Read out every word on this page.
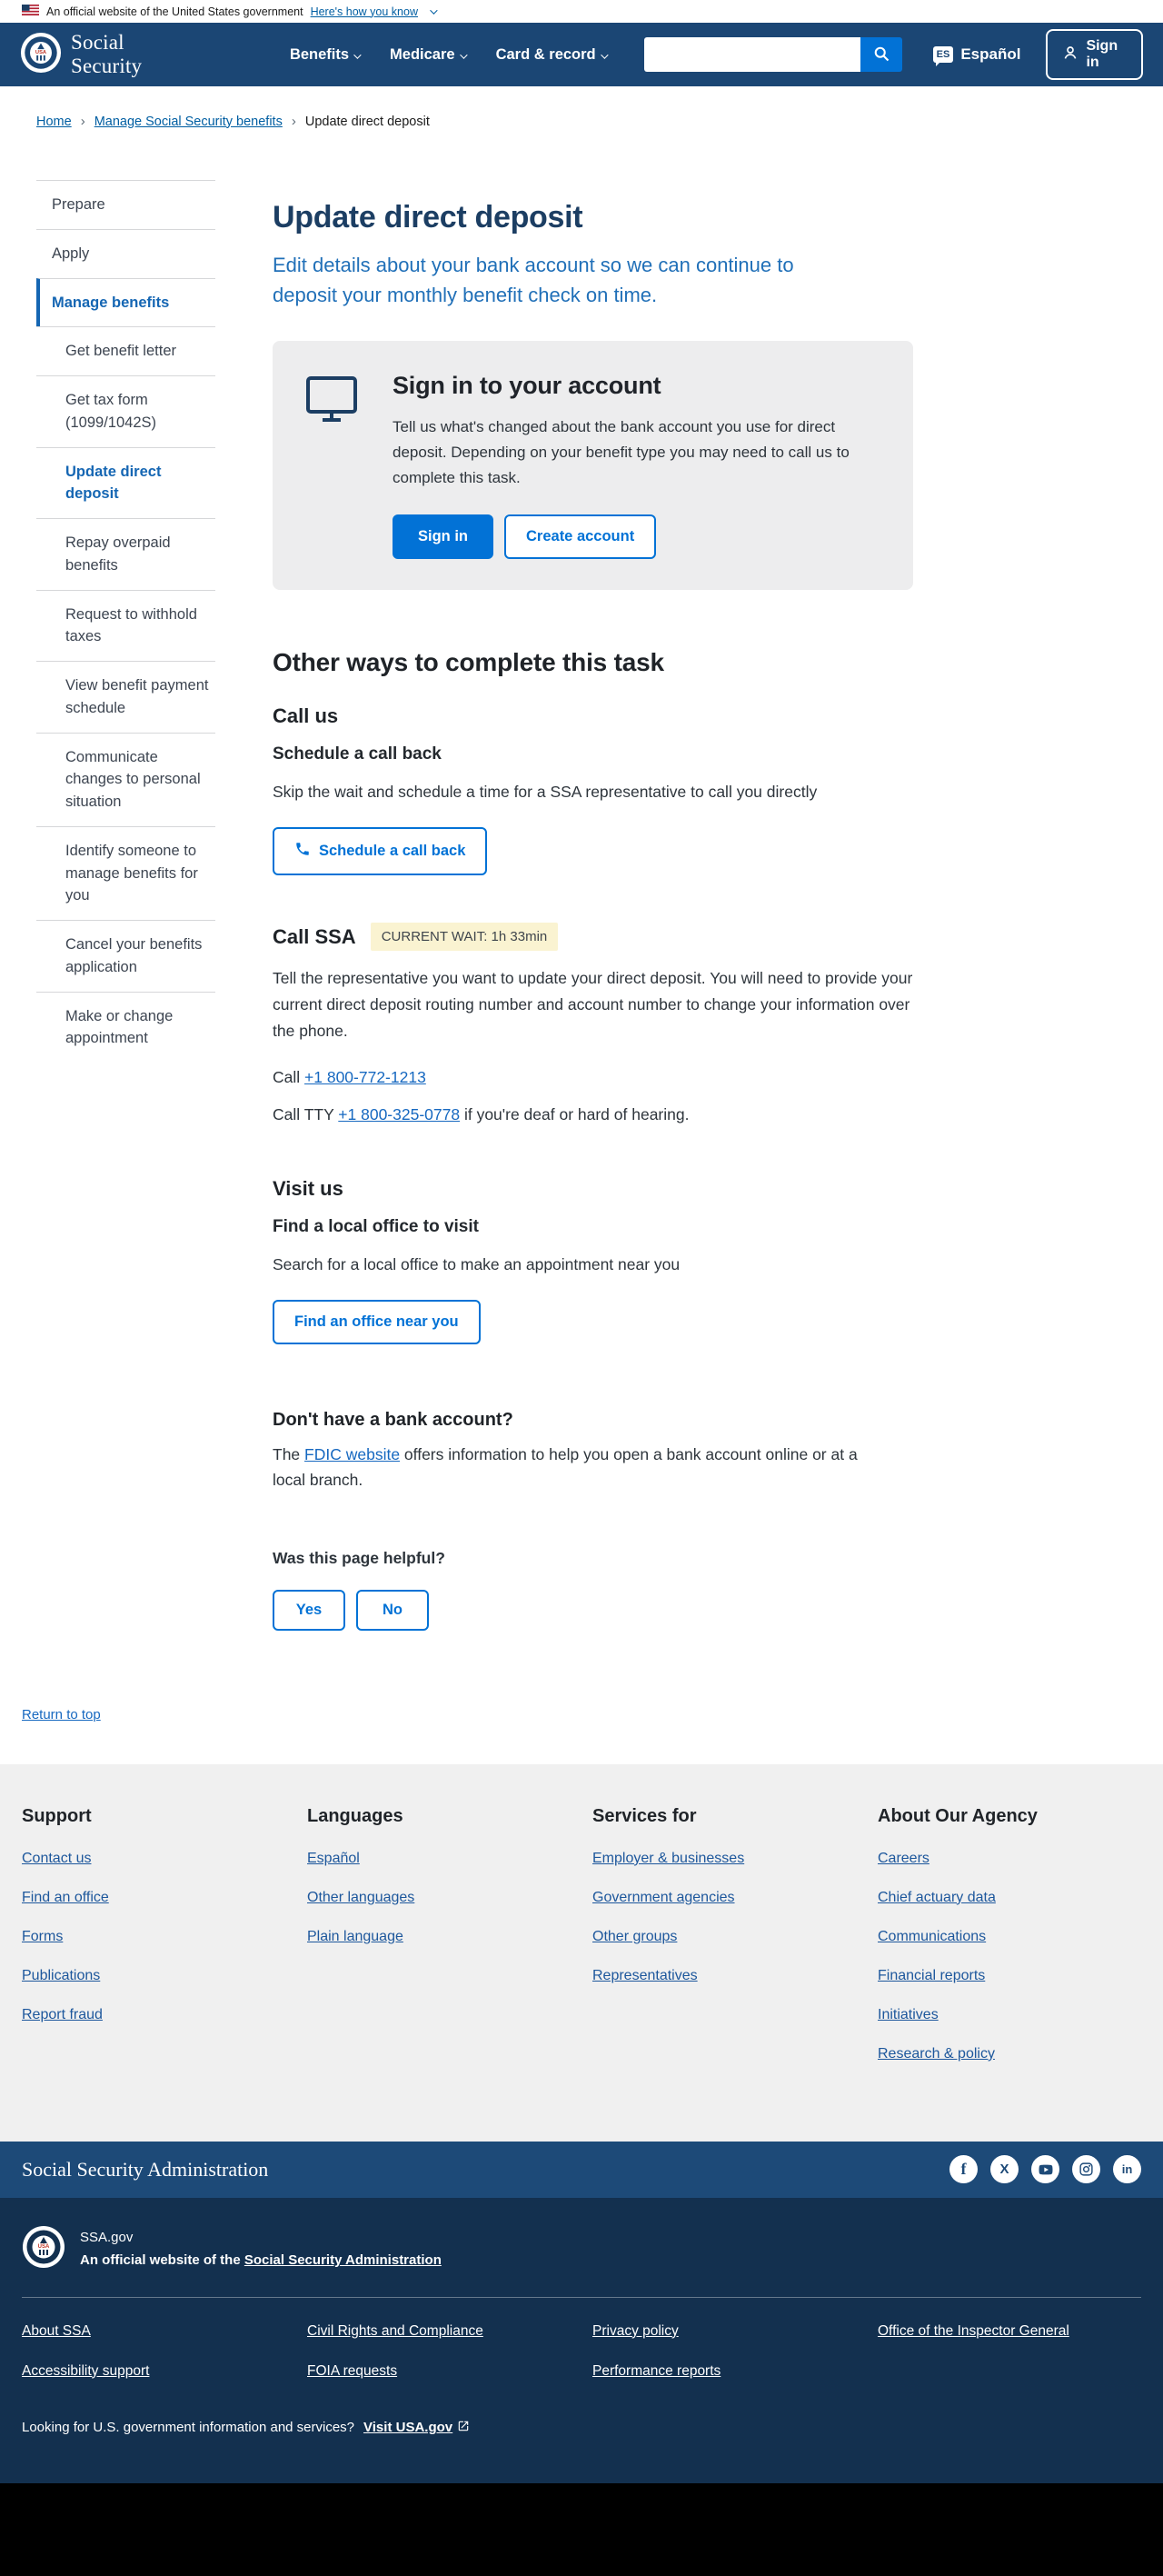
An official website of the United States government Here's how you know
USA Social Security
Benefits	Medicare	Card & record	ES Español	Sign in
Home › Manage Social Security benefits › Update direct deposit
Prepare
Apply
Manage benefits
Get benefit letter
Get tax form (1099/1042S)
Update direct deposit
Repay overpaid benefits
Request to withhold taxes
View benefit payment schedule
Communicate changes to personal situation
Identify someone to manage benefits for you
Cancel your benefits application
Make or change appointment
Update direct deposit

Edit details about your bank account so we can continue to deposit your monthly benefit check on time.

Sign in to your account

Tell us what's changed about the bank account you use for direct deposit. Depending on your benefit type you may need to call us to complete this task.

Sign in	Create account
Other ways to complete this task
Call us
Schedule a call back

Skip the wait and schedule a time for a SSA representative to call you directly

Schedule a call back
Call SSA	CURRENT WAIT: 1h 33min

Tell the representative you want to update your direct deposit. You will need to provide your current direct deposit routing number and account number to change your information over the phone.

Call +1 800-772-1213

Call TTY +1 800-325-0778 if you're deaf or hard of hearing.

Visit us
Find a local office to visit

Search for a local office to make an appointment near you

Find an office near you
Don't have a bank account?

The FDIC website offers information to help you open a bank account online or at a local branch.

Was this page helpful?

Yes	No
Return to top
Support
Contact us
Find an office
Forms
Publications
Report fraud
Languages
Español
Other languages
Plain language
Services for
Employer & businesses
Government agencies
Other groups
Representatives
About Our Agency
Careers
Chief actuary data
Communications
Financial reports
Initiatives
Research & policy
Social Security Administration	f X	in
USA
SSA.gov
An official website of the Social Security Administration
About SSA	Civil Rights and Compliance	Privacy policy	Office of the Inspector General
Accessibility support	FOIA requests	Performance reports
Looking for U.S. government information and services? Visit USA.gov
